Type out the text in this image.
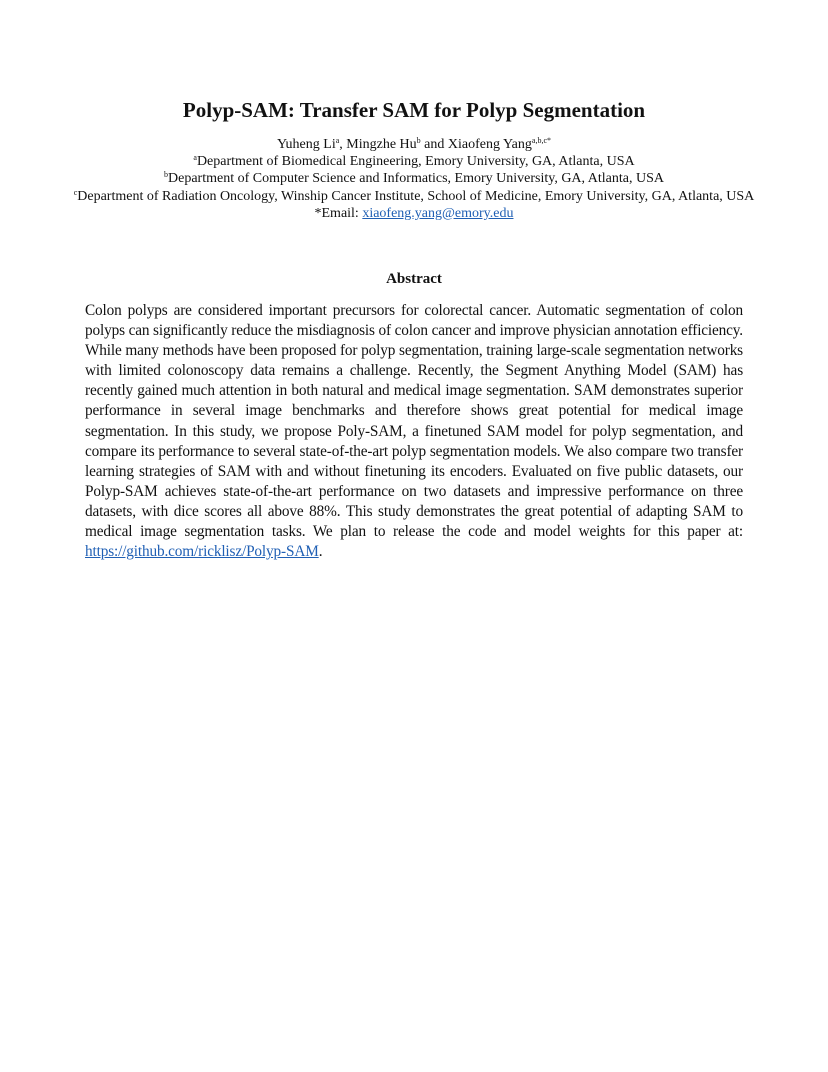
Polyp-SAM: Transfer SAM for Polyp Segmentation
Yuheng Li$^a$, Mingzhe Hu$^b$ and Xiaofeng Yang$^{a,b,c*}$
$^a$Department of Biomedical Engineering, Emory University, GA, Atlanta, USA
$^b$Department of Computer Science and Informatics, Emory University, GA, Atlanta, USA
$^c$Department of Radiation Oncology, Winship Cancer Institute, School of Medicine, Emory University, GA, Atlanta, USA
*Email: xiaofeng.yang@emory.edu
Abstract
Colon polyps are considered important precursors for colorectal cancer. Automatic segmentation of colon polyps can significantly reduce the misdiagnosis of colon cancer and improve physician annotation efficiency. While many methods have been proposed for polyp segmentation, training large-scale segmentation networks with limited colonoscopy data remains a challenge. Recently, the Segment Anything Model (SAM) has recently gained much attention in both natural and medical image segmentation. SAM demonstrates superior performance in several image benchmarks and therefore shows great potential for medical image segmentation. In this study, we propose Poly-SAM, a finetuned SAM model for polyp segmentation, and compare its performance to several state-of-the-art polyp segmentation models. We also compare two transfer learning strategies of SAM with and without finetuning its encoders. Evaluated on five public datasets, our Polyp-SAM achieves state-of-the-art performance on two datasets and impressive performance on three datasets, with dice scores all above 88%. This study demonstrates the great potential of adapting SAM to medical image segmentation tasks. We plan to release the code and model weights for this paper at: https://github.com/ricklisz/Polyp-SAM.
